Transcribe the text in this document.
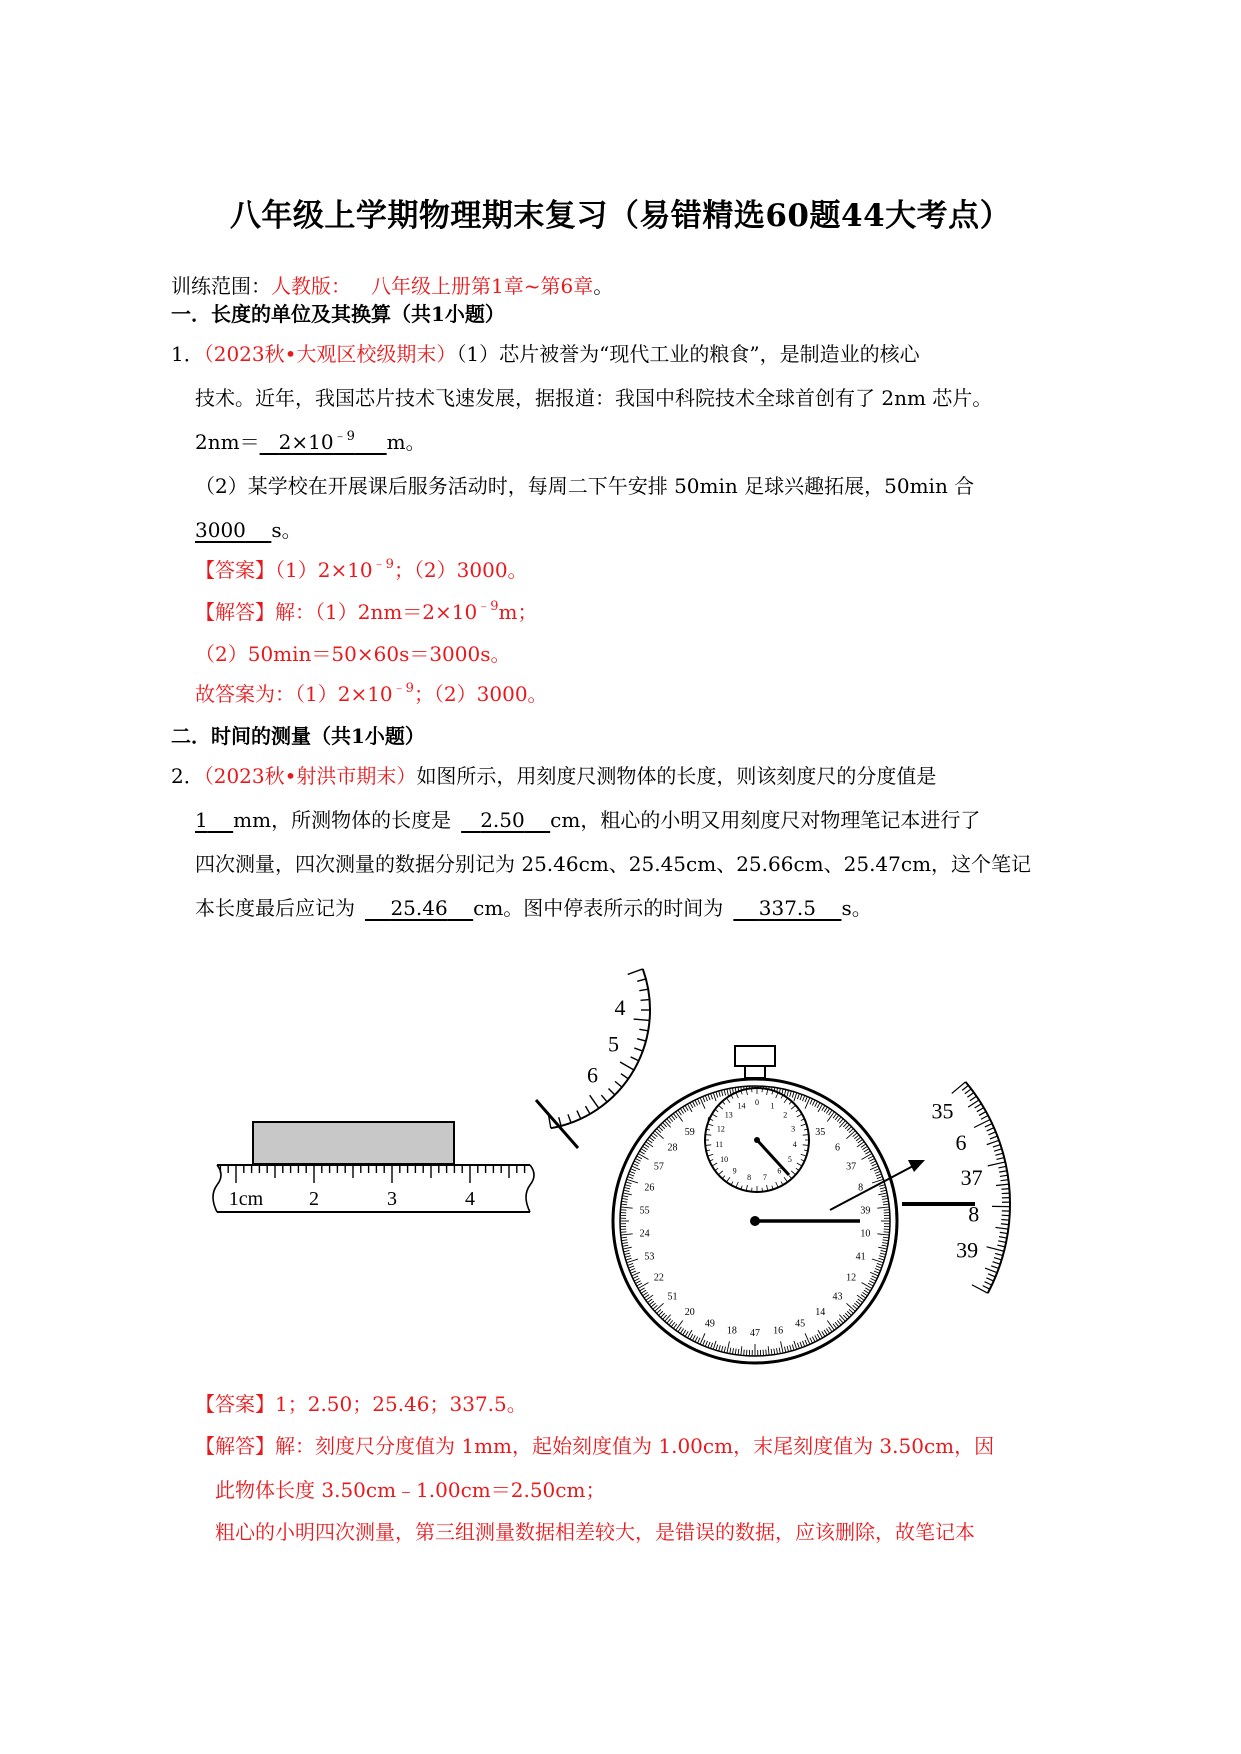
八年级上学期物理期末复习（易错精选60题44大考点）
训练范围：人教版： 八年级上册第1章~第6章。
一．长度的单位及其换算（共1小题）
1．（2023秋•大观区校级期末）（1）芯片被誉为“现代工业的粮食”，是制造业的核心
技术。近年，我国芯片技术飞速发展，据报道：我国中科院技术全球首创有了 2nm 芯片。
$2nm= 2\times 10^{﹣9}$ m。
（2）某学校在开展课后服务活动时，每周二下午安排 50min 足球兴趣拓展，50min 合
3000 s。
【答案】$(1)2\times 10^{﹣9}$；（2）3000。
【解答】解：$(1)2nm=2\times 10^{﹣9}m$；
（2）50min＝50×60s＝3000s。
故答案为：$(1)2\times 10^{﹣9}$；（2）3000。
二．时间的测量（共1小题）
2．（2023秋•射洪市期末）如图所示，用刻度尺测物体的长度，则该刻度尺的分度值是
1 mm，所测物体的长度是 2.50 cm，粗心的小明又用刻度尺对物理笔记本进行了
四次测量，四次测量的数据分别记为 25.46cm、25.45cm、25.66cm、25.47cm，这个笔记
本长度最后应记为 25.46 cm。图中停表所示的时间为 337.5 s。
1cm 2	3	4
4
5
6
35
6
37
8
39
10
41
12
43
14
45
16
47
18
49
20
51
22
53
24
55
26
57
28
59
0 1
2
3
4
5
6
7
8
9
10
11
12
13
14	35
6
37
8
39
【答案】1；2.50；25.46；337.5。
【解答】解：刻度尺分度值为 1mm，起始刻度值为 1.00cm，末尾刻度值为 3.50cm，因
此物体长度 3.50cm﹣1.00cm＝2.50cm；
粗心的小明四次测量，第三组测量数据相差较大，是错误的数据，应该删除，故笔记本
